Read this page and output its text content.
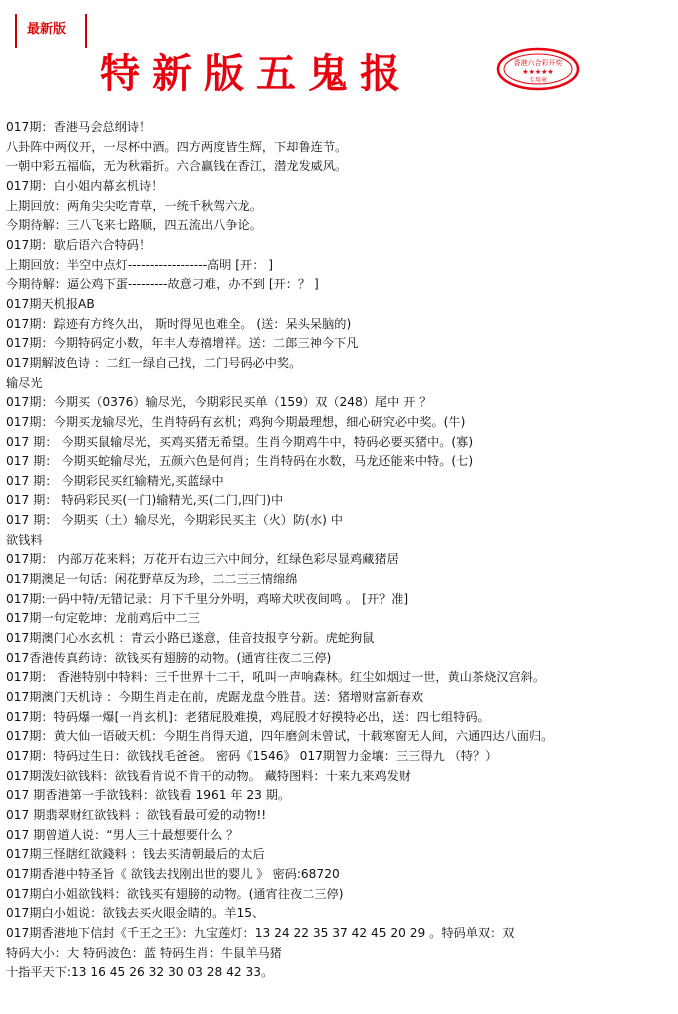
最新版
特新版五鬼报	香港六合彩开奖
★★★★★
专用章
017期：香港马会总纲诗！
八卦阵中两仪开，一尽杯中酒。四方两度皆生辉，下却鲁连节。
一朝中彩五福临，无为秋霜折。六合赢钱在香江，潜龙发威风。
017期：白小姐内幕玄机诗！
上期回放：两角尖尖吃青草，一统千秋驾六龙。
今期待解：三八飞来七路顺，四五流出八争论。
017期：歇后语六合特码！
上期回放：半空中点灯------------------高明 [开： ]
今期待解：逼公鸡下蛋---------故意刁难，办不到 [开：？ ]
017期天机报AB
017期：踪迹有方终久出， 斯时得见也难全。 (送：呆头呆脑的)
017期：今期特码定小数，年丰人寿禧增祥。送：二郎三神今下凡
017期解波色诗 ：二红一绿自己找，二门号码必中奖。
输尽光
017期：今期买（0376）输尽光，今期彩民买单（159）双（248）尾中 开 ？
017期：今期买龙输尽光，生肖特码有玄机；鸡狗今期最理想，细心研究必中奖。(牛)
017 期： 今期买鼠输尽光，买鸡买猪无希望。生肖今期鸡牛中，特码必要买猪中。(寡)
017 期： 今期买蛇输尽光，五颜六色是何肖；生肖特码在水数，马龙还能来中特。(七)
017 期： 今期彩民买红输精光,买蓝绿中
017 期： 特码彩民买(一门)输精光,买(二门,四门)中
017 期： 今期买（土）输尽光，今期彩民买主（火）防(水) 中
欲钱料
017期： 内部万花来料；万花开右边三六中间分，红绿色彩尽显鸡藏猪居
017期澳足一句话：闲花野草反为珍，二二三三情绵绵
017期:一码中特/无错记录：月下千里分外明，鸡啼犬吠夜间鸣 。 [开？准]
017期一句定乾坤：龙前鸡后中二三
017期澳门心水玄机 ：青云小路已遂意，佳音技报亨兮新。虎蛇狗鼠
017香港传真药诗：欲钱买有翅膀的动物。(通宵往夜二三停)
017期： 香港特别中特料：三千世界十二干，吼叫一声响森林。红尘如烟过一世，黄山茶烧汉宫斜。
017期澳门天机诗 ：今期生肖走在前，虎踞龙盘今胜昔。送：猪增财富新春欢
017期：特码爆一爆[一肖玄机]：老猪屁股难摸，鸡屁股才好摸特必出，送：四七组特码。
017期：黄大仙一语破天机：今期生肖得天道，四年磨剑未曾试，十载寒窗无人间，六通四达八面归。
017期：特码过生日：欲钱找毛爸爸。 密码《1546》 017期智力金壤：三三得九 （特？）
017期泼妇欲钱料：欲钱看肯说不肯干的动物。 藏特图料：十来九来鸡发财
017 期香港第一手欲钱料：欲钱看 1961 年 23 期。
017 期翡翠财红欲钱料 ：欲钱看最可爱的动物!!
017 期曾道人说：“男人三十最想要什么 ？
017期三怪瞎红欲錢料 ：钱去买清朝最后的太后
017期香港中特圣旨《 欲钱去找刚出世的婴儿 》 密码:68720
017期白小姐欲钱料：欲钱买有翅膀的动物。(通宵往夜二三停)
017期白小姐说：欲钱去买火眼金睛的。羊15、
017期香港地下信封《千王之王》：九宝莲灯：13 24 22 35 37 42 45 20 29 。特码单双：双
特码大小：大 特码波色：蓝 特码生肖：牛鼠羊马猪
十指平天下:13 16 45 26 32 30 03 28 42 33。
